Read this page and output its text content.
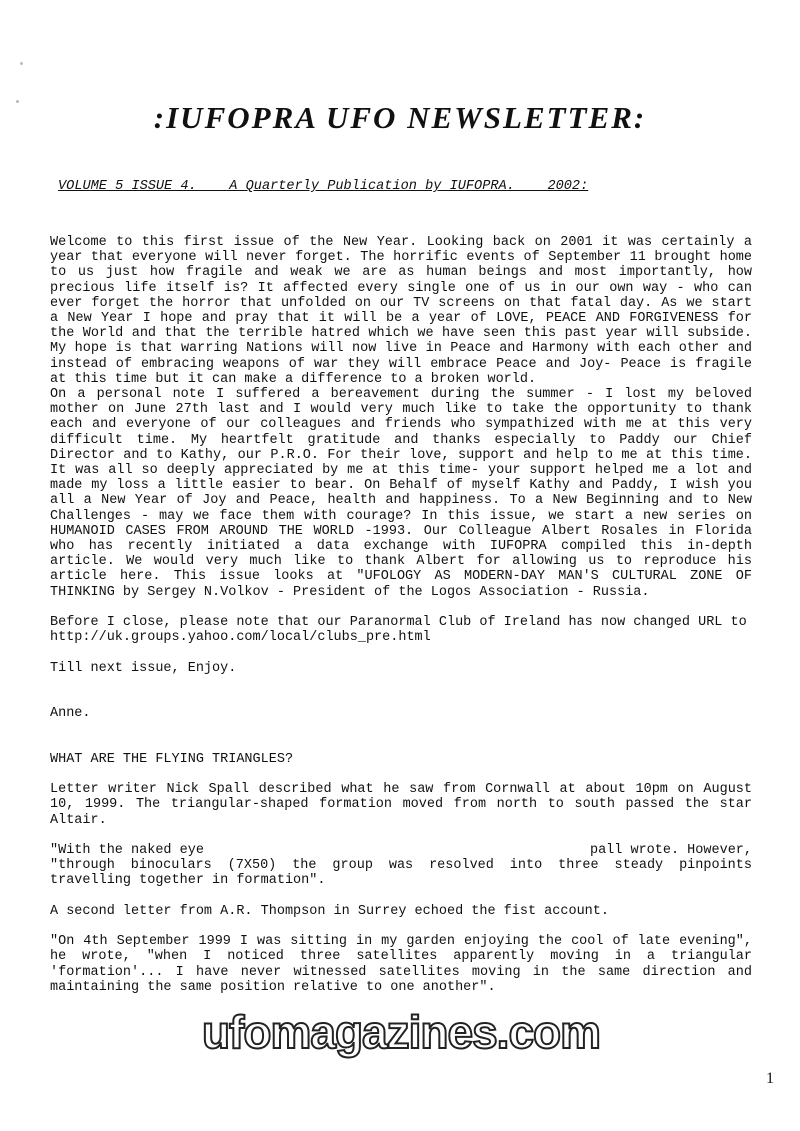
:IUFOPRA UFO NEWSLETTER:
VOLUME 5 ISSUE 4.    A Quarterly Publication by IUFOPRA.    2002:

Welcome to this first issue of the New Year. Looking back on 2001 it was certainly a year that everyone will never forget. The horrific events of September 11 brought home to us just how fragile and weak we are as human beings and most importantly, how precious life itself is? It affected every single one of us in our own way - who can ever forget the horror that unfolded on our TV screens on that fatal day. As we start a New Year I hope and pray that it will be a year of LOVE, PEACE AND FORGIVENESS for the World and that the terrible hatred which we have seen this past year will subside. My hope is that warring Nations will now live in Peace and Harmony with each other and instead of embracing weapons of war they will embrace Peace and Joy- Peace is fragile at this time but it can make a difference to a broken world.

On a personal note I suffered a bereavement during the summer - I lost my beloved mother on June 27th last and I would very much like to take the opportunity to thank each and everyone of our colleagues and friends who sympathized with me at this very difficult time. My heartfelt gratitude and thanks especially to Paddy our Chief Director and to Kathy, our P.R.O. For their love, support and help to me at this time. It was all so deeply appreciated by me at this time- your support helped me a lot and made my loss a little easier to bear. On Behalf of myself Kathy and Paddy, I wish you all a New Year of Joy and Peace, health and happiness. To a New Beginning and to New Challenges - may we face them with courage? In this issue, we start a new series on HUMANOID CASES FROM AROUND THE WORLD -1993. Our Colleague Albert Rosales in Florida who has recently initiated a data exchange with IUFOPRA compiled this in-depth article. We would very much like to thank Albert for allowing us to reproduce his article here. This issue looks at "UFOLOGY AS MODERN-DAY MAN'S CULTURAL ZONE OF THINKING by Sergey N.Volkov - President of the Logos Association - Russia.

Before I close, please note that our Paranormal Club of Ireland has now changed URL to

http://uk.groups.yahoo.com/local/clubs_pre.html

Till next issue, Enjoy.
Anne.
WHAT ARE THE FLYING TRIANGLES?

Letter writer Nick Spall described what he saw from Cornwall at about 10pm on August 10, 1999. The triangular-shaped formation moved from north to south passed the star Altair.

"With the naked eye	pall wrote. However,

"through binoculars (7X50) the group was resolved into three steady pinpoints travelling together in formation".

A second letter from A.R. Thompson in Surrey echoed the fist account.

"On 4th September 1999 I was sitting in my garden enjoying the cool of late evening", he wrote, "when I noticed three satellites apparently moving in a triangular 'formation'... I have never witnessed satellites moving in the same direction and maintaining the same position relative to one another".

ufomagazines.com
1
